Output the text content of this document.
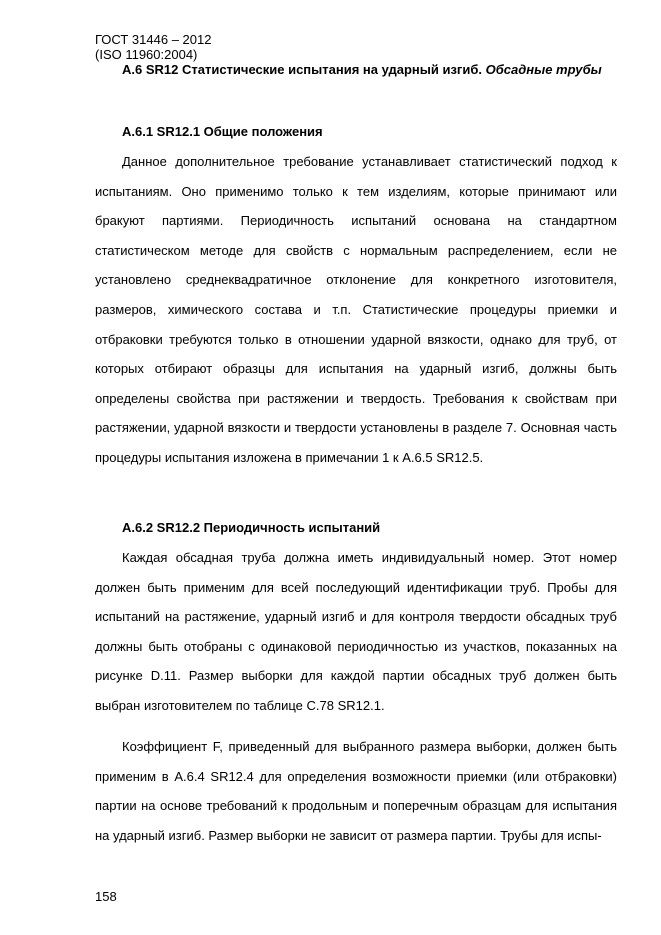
ГОСТ 31446 – 2012
(ISO 11960:2004)
А.6 SR12 Статистические испытания на ударный изгиб. Обсадные трубы
А.6.1 SR12.1 Общие положения

Данное дополнительное требование устанавливает статистический подход к испытаниям. Оно применимо только к тем изделиям, которые принимают или бракуют партиями. Периодичность испытаний основана на стандартном статистическом методе для свойств с нормальным распределением, если не установлено среднеквадратичное отклонение для конкретного изготовителя, размеров, химического состава и т.п. Статистические процедуры приемки и отбраковки требуются только в отношении ударной вязкости, однако для труб, от которых отбирают образцы для испытания на ударный изгиб, должны быть определены свойства при растяжении и твердость. Требования к свойствам при растяжении, ударной вязкости и твердости установлены в разделе 7. Основная часть процедуры испытания изложена в примечании 1 к А.6.5 SR12.5.

А.6.2 SR12.2 Периодичность испытаний

Каждая обсадная труба должна иметь индивидуальный номер. Этот номер должен быть применим для всей последующий идентификации труб. Пробы для испытаний на растяжение, ударный изгиб и для контроля твердости обсадных труб должны быть отобраны с одинаковой периодичностью из участков, показанных на рисунке D.11. Размер выборки для каждой партии обсадных труб должен быть выбран изготовителем по таблице С.78 SR12.1.

Коэффициент F, приведенный для выбранного размера выборки, должен быть применим в А.6.4 SR12.4 для определения возможности приемки (или отбраковки) партии на основе требований к продольным и поперечным образцам для испытания на ударный изгиб. Размер выборки не зависит от размера партии. Трубы для испы-

158
